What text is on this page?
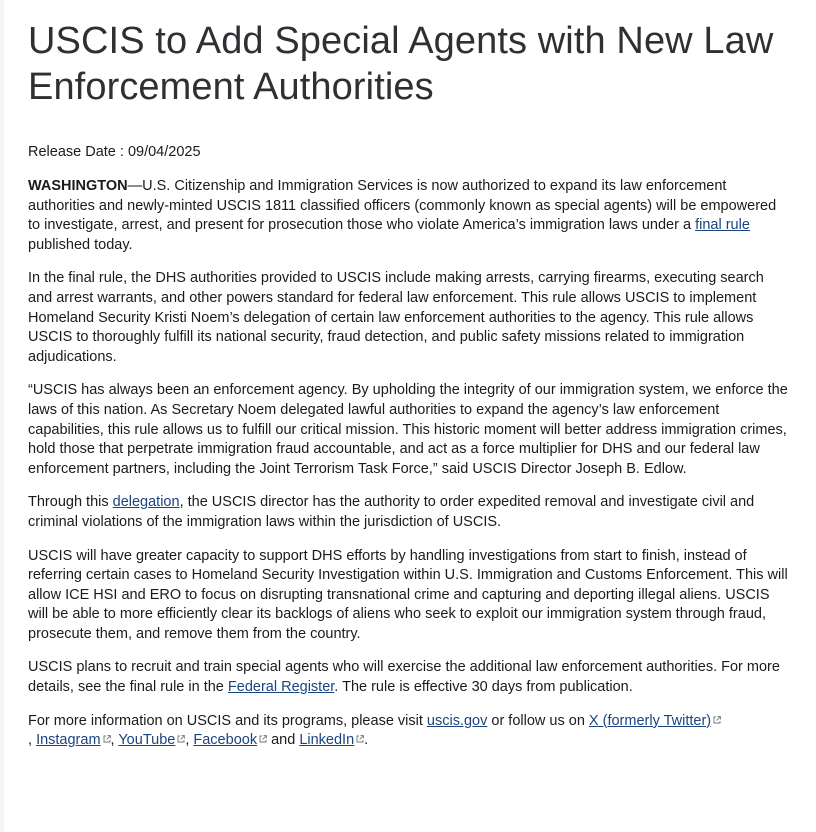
USCIS to Add Special Agents with New Law Enforcement Authorities
Release Date : 09/04/2025

WASHINGTON—U.S. Citizenship and Immigration Services is now authorized to expand its law enforcement authorities and newly-minted USCIS 1811 classified officers (commonly known as special agents) will be empowered to investigate, arrest, and present for prosecution those who violate America’s immigration laws under a final rule published today.

In the final rule, the DHS authorities provided to USCIS include making arrests, carrying firearms, executing search and arrest warrants, and other powers standard for federal law enforcement. This rule allows USCIS to implement Homeland Security Kristi Noem’s delegation of certain law enforcement authorities to the agency. This rule allows USCIS to thoroughly fulfill its national security, fraud detection, and public safety missions related to immigration adjudications.

“USCIS has always been an enforcement agency. By upholding the integrity of our immigration system, we enforce the laws of this nation. As Secretary Noem delegated lawful authorities to expand the agency’s law enforcement capabilities, this rule allows us to fulfill our critical mission. This historic moment will better address immigration crimes, hold those that perpetrate immigration fraud accountable, and act as a force multiplier for DHS and our federal law enforcement partners, including the Joint Terrorism Task Force,” said USCIS Director Joseph B. Edlow.

Through this delegation, the USCIS director has the authority to order expedited removal and investigate civil and criminal violations of the immigration laws within the jurisdiction of USCIS.

USCIS will have greater capacity to support DHS efforts by handling investigations from start to finish, instead of referring certain cases to Homeland Security Investigation within U.S. Immigration and Customs Enforcement. This will allow ICE HSI and ERO to focus on disrupting transnational crime and capturing and deporting illegal aliens. USCIS will be able to more efficiently clear its backlogs of aliens who seek to exploit our immigration system through fraud, prosecute them, and remove them from the country.

USCIS plans to recruit and train special agents who will exercise the additional law enforcement authorities. For more details, see the final rule in the Federal Register. The rule is effective 30 days from publication.

For more information on USCIS and its programs, please visit uscis.gov or follow us on X (formerly Twitter)

, Instagram , YouTube , Facebook
and LinkedIn .
